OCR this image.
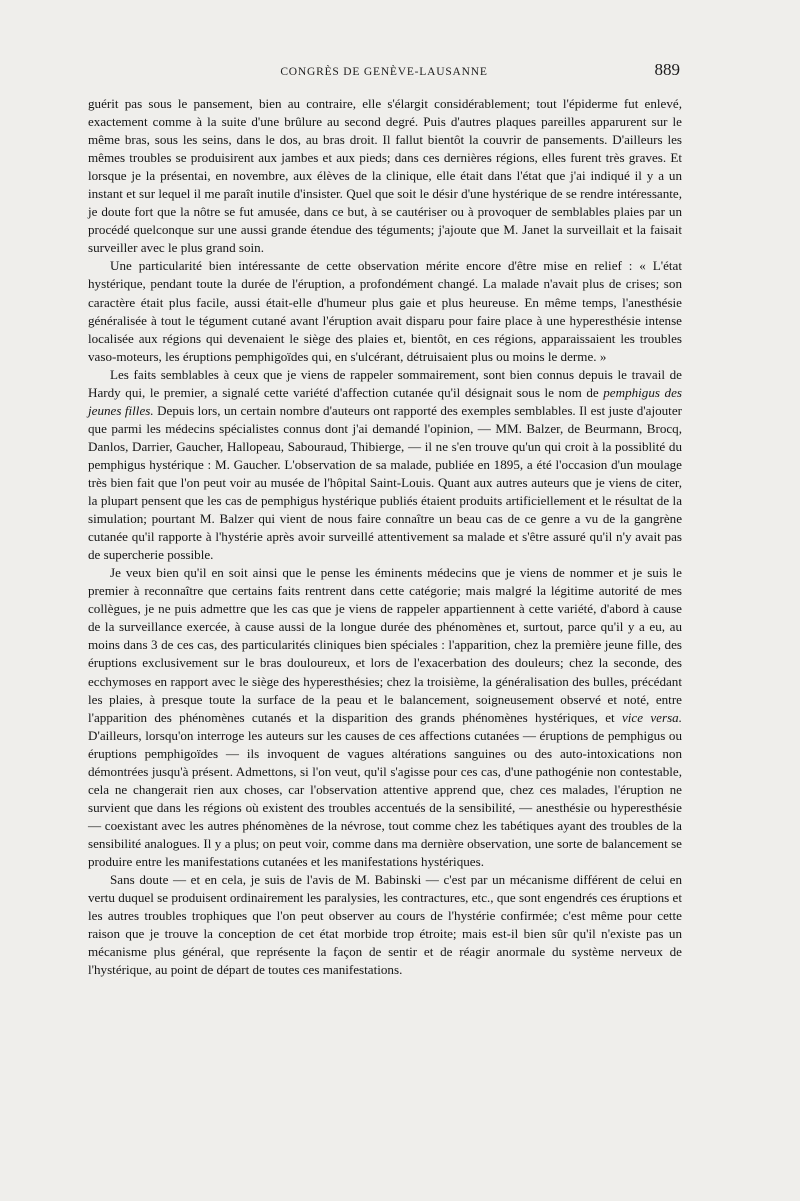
CONGRÈS DE GENÈVE-LAUSANNE	889

guérit pas sous le pansement, bien au contraire, elle s'élargit considérablement; tout l'épiderme fut enlevé, exactement comme à la suite d'une brûlure au second degré. Puis d'autres plaques pareilles apparurent sur le même bras, sous les seins, dans le dos, au bras droit. Il fallut bientôt la couvrir de pansements. D'ailleurs les mêmes troubles se produisirent aux jambes et aux pieds; dans ces dernières régions, elles furent très graves. Et lorsque je la présentai, en novembre, aux élèves de la clinique, elle était dans l'état que j'ai indiqué il y a un instant et sur lequel il me paraît inutile d'insister. Quel que soit le désir d'une hystérique de se rendre intéressante, je doute fort que la nôtre se fut amusée, dans ce but, à se cautériser ou à provoquer de semblables plaies par un procédé quelconque sur une aussi grande étendue des téguments; j'ajoute que M. Janet la surveillait et la faisait surveiller avec le plus grand soin.

Une particularité bien intéressante de cette observation mérite encore d'être mise en relief : « L'état hystérique, pendant toute la durée de l'éruption, a profondément changé. La malade n'avait plus de crises; son caractère était plus facile, aussi était-elle d'humeur plus gaie et plus heureuse. En même temps, l'anesthésie généralisée à tout le tégument cutané avant l'éruption avait disparu pour faire place à une hyperesthésie intense localisée aux régions qui devenaient le siège des plaies et, bientôt, en ces régions, apparaissaient les troubles vaso-moteurs, les éruptions pemphigoïdes qui, en s'ulcérant, détruisaient plus ou moins le derme. »

Les faits semblables à ceux que je viens de rappeler sommairement, sont bien connus depuis le travail de Hardy qui, le premier, a signalé cette variété d'affection cutanée qu'il désignait sous le nom de pemphigus des jeunes filles. Depuis lors, un certain nombre d'auteurs ont rapporté des exemples semblables. Il est juste d'ajouter que parmi les médecins spécialistes connus dont j'ai demandé l'opinion, — MM. Balzer, de Beurmann, Brocq, Danlos, Darrier, Gaucher, Hallopeau, Sabouraud, Thibierge, — il ne s'en trouve qu'un qui croit à la possiblité du pemphigus hystérique : M. Gaucher. L'observation de sa malade, publiée en 1895, a été l'occasion d'un moulage très bien fait que l'on peut voir au musée de l'hôpital Saint-Louis. Quant aux autres auteurs que je viens de citer, la plupart pensent que les cas de pemphigus hystérique publiés étaient produits artificiellement et le résultat de la simulation; pourtant M. Balzer qui vient de nous faire connaître un beau cas de ce genre a vu de la gangrène cutanée qu'il rapporte à l'hystérie après avoir surveillé attentivement sa malade et s'être assuré qu'il n'y avait pas de supercherie possible.

Je veux bien qu'il en soit ainsi que le pense les éminents médecins que je viens de nommer et je suis le premier à reconnaître que certains faits rentrent dans cette catégorie; mais malgré la légitime autorité de mes collègues, je ne puis admettre que les cas que je viens de rappeler appartiennent à cette variété, d'abord à cause de la surveillance exercée, à cause aussi de la longue durée des phénomènes et, surtout, parce qu'il y a eu, au moins dans 3 de ces cas, des particularités cliniques bien spéciales : l'apparition, chez la première jeune fille, des éruptions exclusivement sur le bras douloureux, et lors de l'exacerbation des douleurs; chez la seconde, des ecchymoses en rapport avec le siège des hyperesthésies; chez la troisième, la généralisation des bulles, précédant les plaies, à presque toute la surface de la peau et le balancement, soigneusement observé et noté, entre l'apparition des phénomènes cutanés et la disparition des grands phénomènes hystériques, et vice versa. D'ailleurs, lorsqu'on interroge les auteurs sur les causes de ces affections cutanées — éruptions de pemphigus ou éruptions pemphigoïdes — ils invoquent de vagues altérations sanguines ou des auto-intoxications non démontrées jusqu'à présent. Admettons, si l'on veut, qu'il s'agisse pour ces cas, d'une pathogénie non contestable, cela ne changerait rien aux choses, car l'observation attentive apprend que, chez ces malades, l'éruption ne survient que dans les régions où existent des troubles accentués de la sensibilité, — anesthésie ou hyperesthésie — coexistant avec les autres phénomènes de la névrose, tout comme chez les tabétiques ayant des troubles de la sensibilité analogues. Il y a plus; on peut voir, comme dans ma dernière observation, une sorte de balancement se produire entre les manifestations cutanées et les manifestations hystériques.

Sans doute — et en cela, je suis de l'avis de M. Babinski — c'est par un mécanisme différent de celui en vertu duquel se produisent ordinairement les paralysies, les contractures, etc., que sont engendrés ces éruptions et les autres troubles trophiques que l'on peut observer au cours de l'hystérie confirmée; c'est même pour cette raison que je trouve la conception de cet état morbide trop étroite; mais est-il bien sûr qu'il n'existe pas un mécanisme plus général, que représente la façon de sentir et de réagir anormale du système nerveux de l'hystérique, au point de départ de toutes ces manifestations.
